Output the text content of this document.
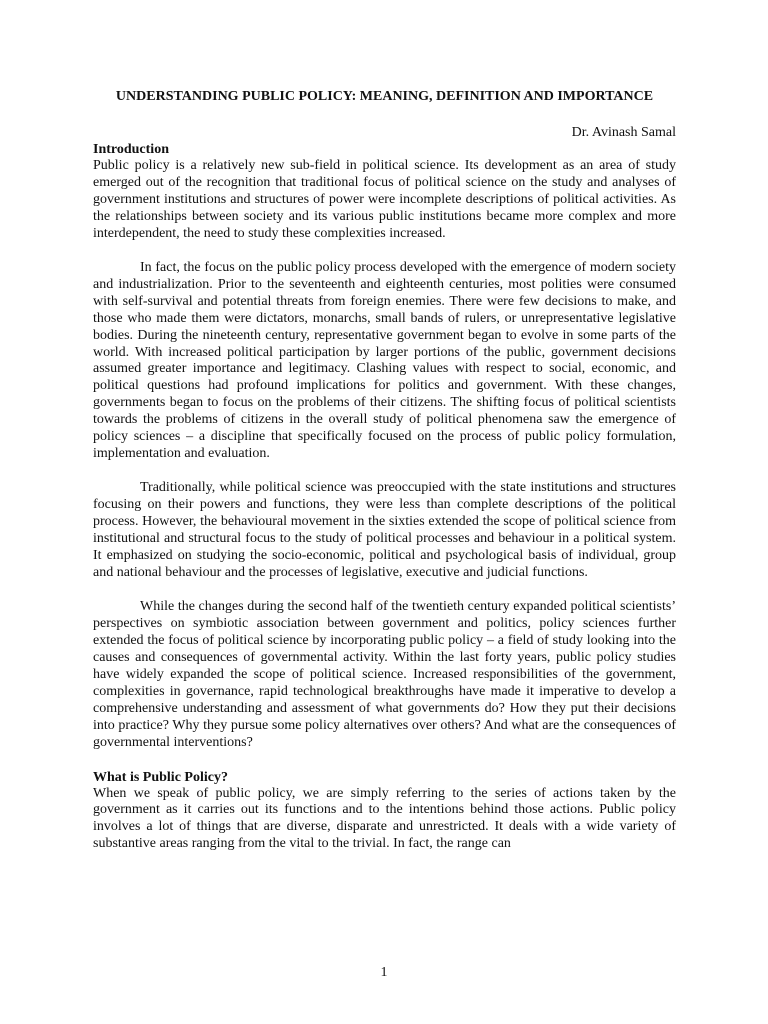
UNDERSTANDING PUBLIC POLICY: MEANING, DEFINITION AND IMPORTANCE

Dr. Avinash Samal

Introduction

Public policy is a relatively new sub-field in political science. Its development as an area of study emerged out of the recognition that traditional focus of political science on the study and analyses of government institutions and structures of power were incomplete descriptions of political activities. As the relationships between society and its various public institutions became more complex and more interdependent, the need to study these complexities increased.

In fact, the focus on the public policy process developed with the emergence of modern society and industrialization. Prior to the seventeenth and eighteenth centuries, most polities were consumed with self-survival and potential threats from foreign enemies. There were few decisions to make, and those who made them were dictators, monarchs, small bands of rulers, or unrepresentative legislative bodies. During the nineteenth century, representative government began to evolve in some parts of the world. With increased political participation by larger portions of the public, government decisions assumed greater importance and legitimacy. Clashing values with respect to social, economic, and political questions had profound implications for politics and government. With these changes, governments began to focus on the problems of their citizens. The shifting focus of political scientists towards the problems of citizens in the overall study of political phenomena saw the emergence of policy sciences – a discipline that specifically focused on the process of public policy formulation, implementation and evaluation.

Traditionally, while political science was preoccupied with the state institutions and structures focusing on their powers and functions, they were less than complete descriptions of the political process. However, the behavioural movement in the sixties extended the scope of political science from institutional and structural focus to the study of political processes and behaviour in a political system. It emphasized on studying the socio-economic, political and psychological basis of individual, group and national behaviour and the processes of legislative, executive and judicial functions.

While the changes during the second half of the twentieth century expanded political scientists’ perspectives on symbiotic association between government and politics, policy sciences further extended the focus of political science by incorporating public policy – a field of study looking into the causes and consequences of governmental activity. Within the last forty years, public policy studies have widely expanded the scope of political science. Increased responsibilities of the government, complexities in governance, rapid technological breakthroughs have made it imperative to develop a comprehensive understanding and assessment of what governments do? How they put their decisions into practice? Why they pursue some policy alternatives over others? And what are the consequences of governmental interventions?

What is Public Policy?

When we speak of public policy, we are simply referring to the series of actions taken by the government as it carries out its functions and to the intentions behind those actions. Public policy involves a lot of things that are diverse, disparate and unrestricted. It deals with a wide variety of substantive areas ranging from the vital to the trivial. In fact, the range can

1
